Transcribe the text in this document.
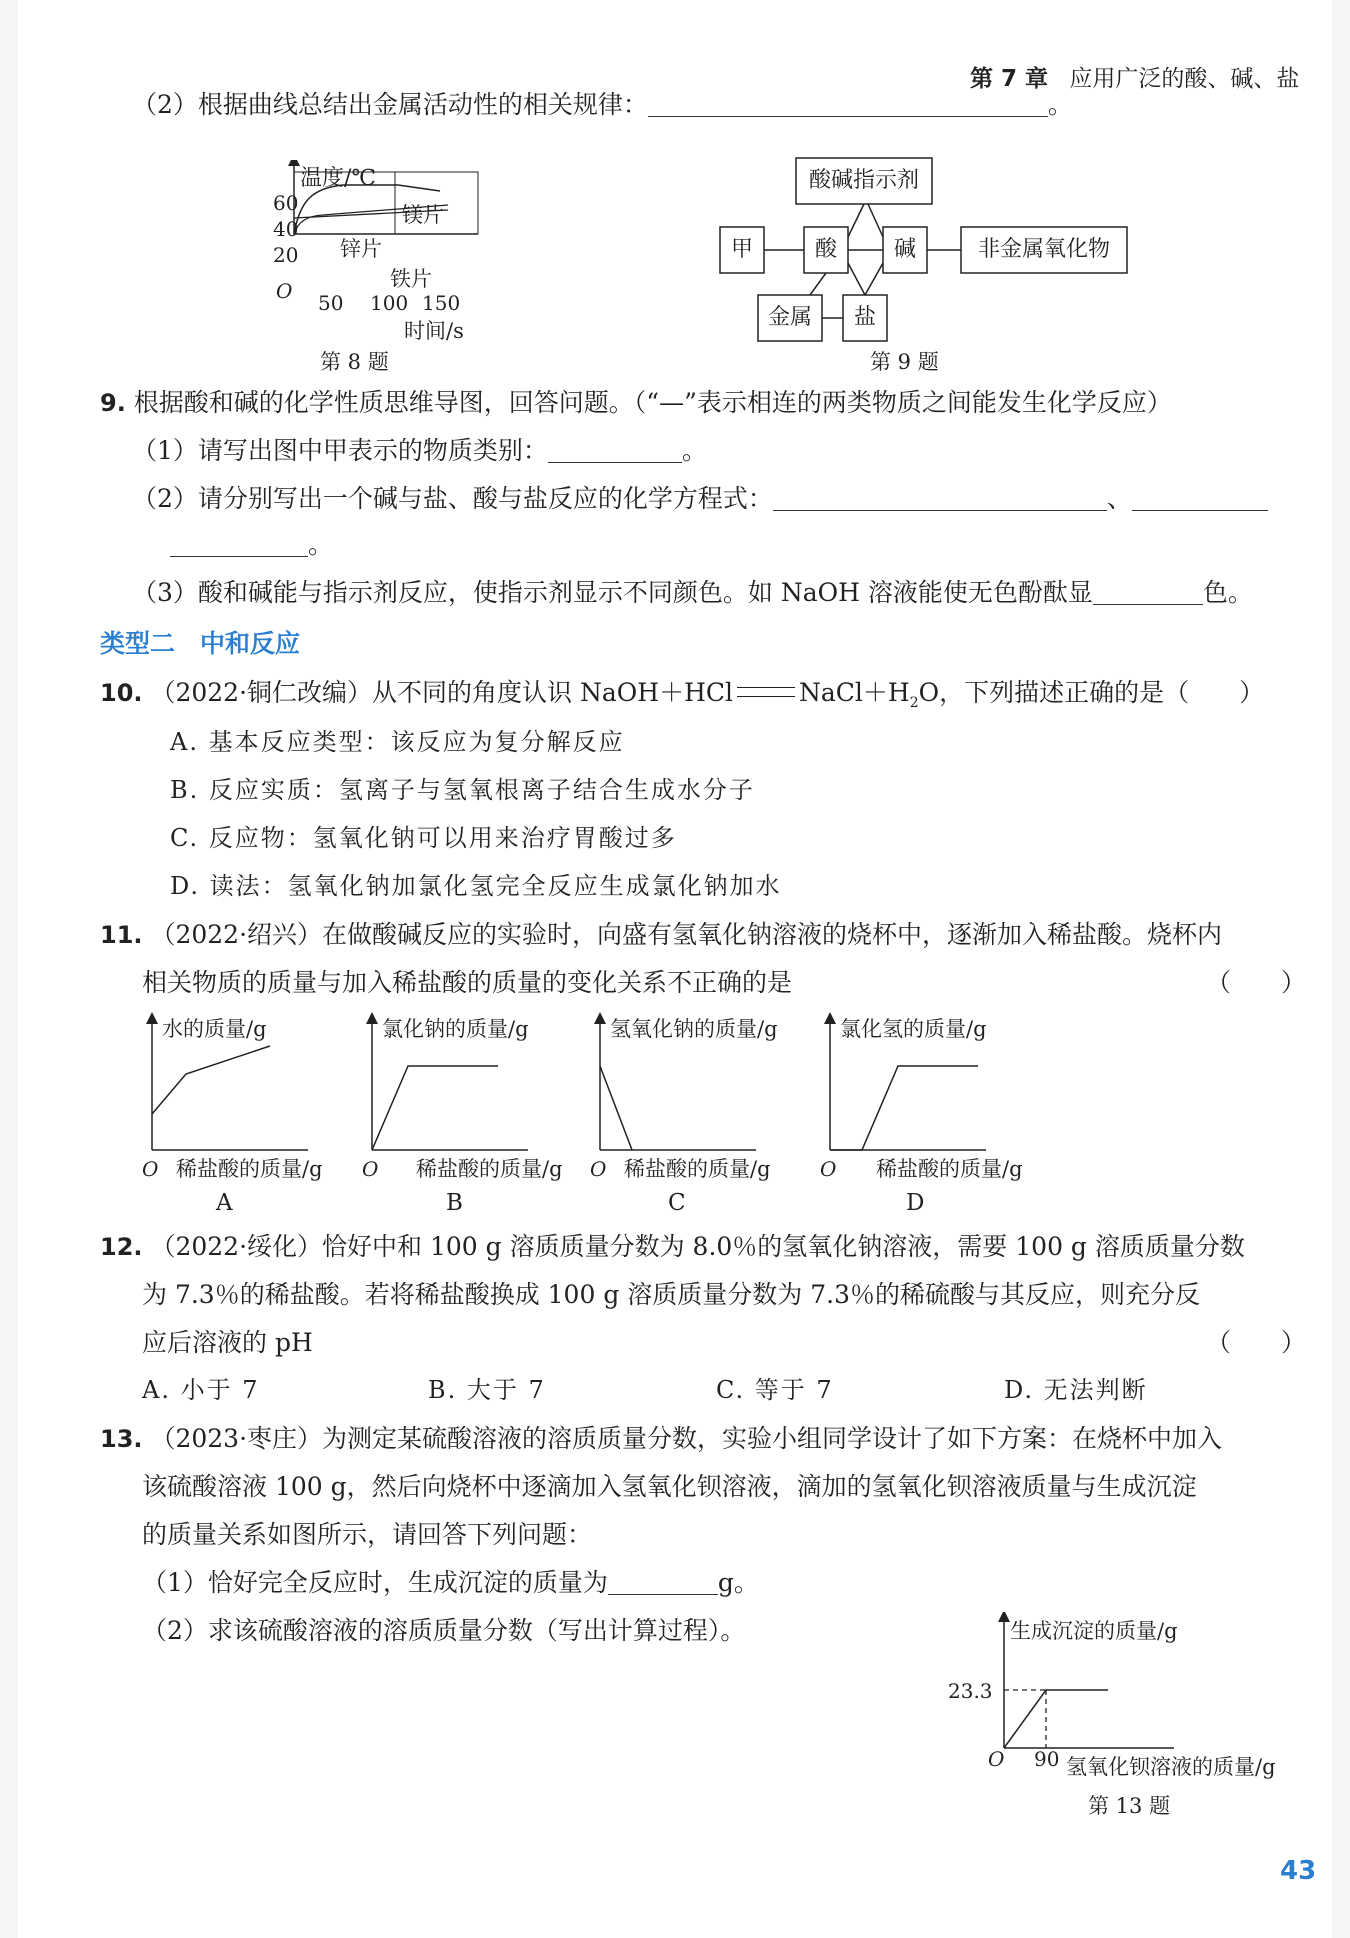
第 7 章 应用广泛的酸、碱、盐
（2）根据曲线总结出金属活动性的相关规律：	。
温度/℃
60
40
20
O 50 100 150
时间/s
镁片
锌片
铁片
第 8 题
酸碱指示剂
甲	酸	碱	非金属氧化物
金属	盐
第 9 题
9. 根据酸和碱的化学性质思维导图，回答问题。（“—”表示相连的两类物质之间能发生化学反应）
（1）请写出图中甲表示的物质类别：	。
（2）请分别写出一个碱与盐、酸与盐反应的化学方程式：	、
。
（3）酸和碱能与指示剂反应，使指示剂显示不同颜色。如 NaOH 溶液能使无色酚酞显	色。
类型二　中和反应
10. （2022·铜仁改编）从不同的角度认识 NaOH＋HCl	$NaCl+H_2O$，下列描述正确的是（　　）
A. 基本反应类型：该反应为复分解反应
B. 反应实质：氢离子与氢氧根离子结合生成水分子
C. 反应物：氢氧化钠可以用来治疗胃酸过多
D. 读法：氢氧化钠加氯化氢完全反应生成氯化钠加水
11. （2022·绍兴）在做酸碱反应的实验时，向盛有氢氧化钠溶液的烧杯中，逐渐加入稀盐酸。烧杯内
相关物质的质量与加入稀盐酸的质量的变化关系不正确的是	（　　）
水的质量/g	氯化钠的质量/g	氢氧化钠的质量/g	氯化氢的质量/g
O 稀盐酸的质量/g O 稀盐酸的质量/g O 稀盐酸的质量/g O 稀盐酸的质量/g
A	B	C	D
12. （2022·绥化）恰好中和 100 g 溶质质量分数为 8.0％的氢氧化钠溶液，需要 100 g 溶质质量分数
为 7.3％的稀盐酸。若将稀盐酸换成 100 g 溶质质量分数为 7.3％的稀硫酸与其反应，则充分反
应后溶液的 pH	（　　）
A. 小于 7	B. 大于 7	C. 等于 7	D. 无法判断
13. （2023·枣庄）为测定某硫酸溶液的溶质质量分数，实验小组同学设计了如下方案：在烧杯中加入
该硫酸溶液 100 g，然后向烧杯中逐滴加入氢氧化钡溶液，滴加的氢氧化钡溶液质量与生成沉淀
的质量关系如图所示，请回答下列问题：
（1）恰好完全反应时，生成沉淀的质量为	g。
（2）求该硫酸溶液的溶质质量分数（写出计算过程）。	生成沉淀的质量/g
23.3
O 90 氢氧化钡溶液的质量/g
第 13 题
43
